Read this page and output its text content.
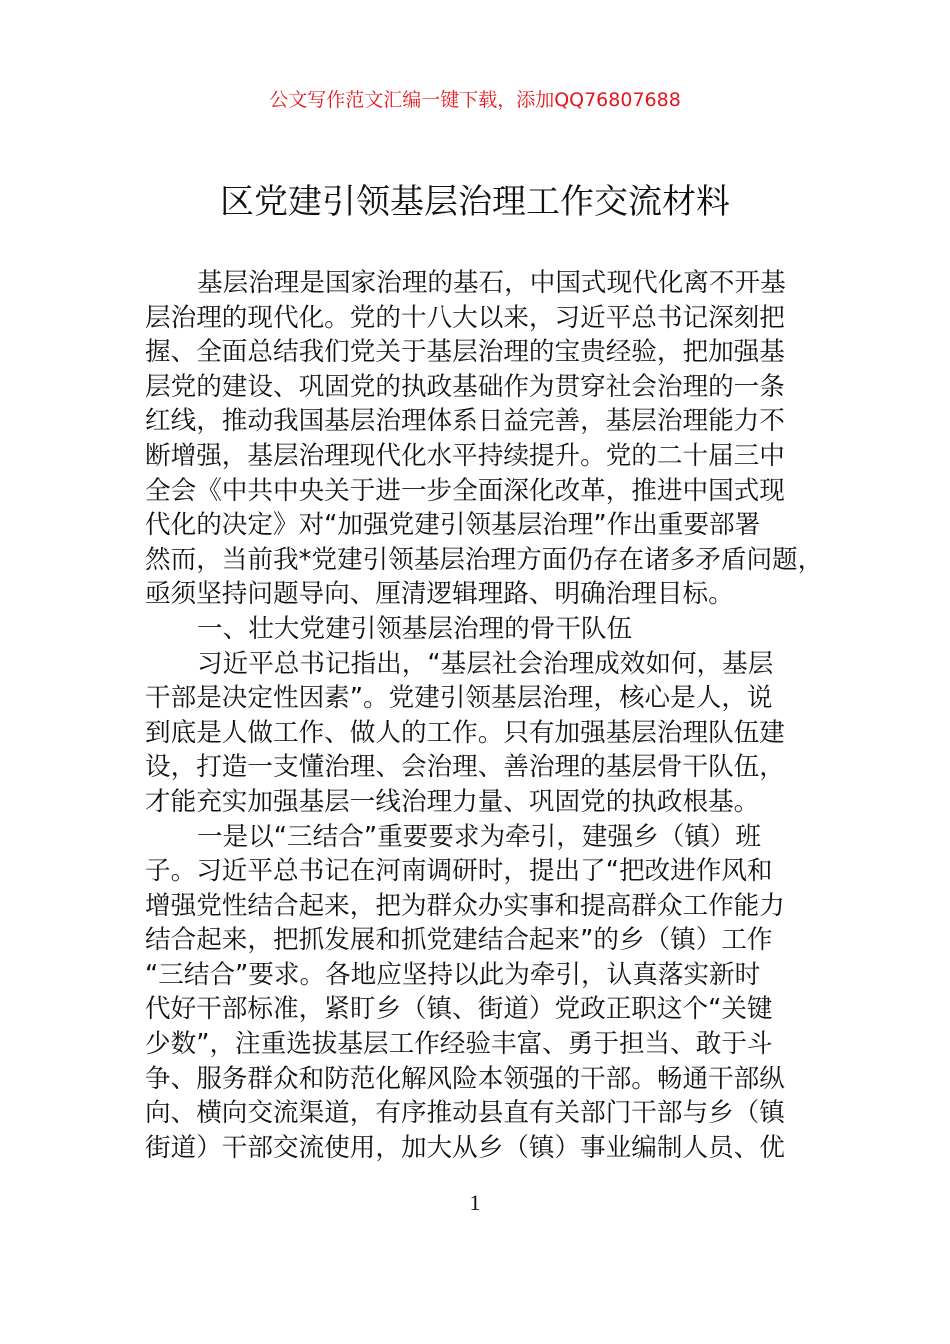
公文写作范文汇编一键下载，添加QQ76807688
区党建引领基层治理工作交流材料
基层治理是国家治理的基石，中国式现代化离不开基
层治理的现代化。党的十八大以来，习近平总书记深刻把
握、全面总结我们党关于基层治理的宝贵经验，把加强基
层党的建设、巩固党的执政基础作为贯穿社会治理的一条
红线，推动我国基层治理体系日益完善，基层治理能力不
断增强，基层治理现代化水平持续提升。党的二十届三中
全会《中共中央关于进一步全面深化改革，推进中国式现
代化的决定》对“加强党建引领基层治理”作出重要部署
然而，当前我*党建引领基层治理方面仍存在诸多矛盾问题，
亟须坚持问题导向、厘清逻辑理路、明确治理目标。
一、壮大党建引领基层治理的骨干队伍
习近平总书记指出，“基层社会治理成效如何，基层
干部是决定性因素”。党建引领基层治理，核心是人，说
到底是人做工作、做人的工作。只有加强基层治理队伍建
设，打造一支懂治理、会治理、善治理的基层骨干队伍，
才能充实加强基层一线治理力量、巩固党的执政根基。
一是以“三结合”重要要求为牵引，建强乡（镇）班
子。习近平总书记在河南调研时，提出了“把改进作风和
增强党性结合起来，把为群众办实事和提高群众工作能力
结合起来，把抓发展和抓党建结合起来”的乡（镇）工作
“三结合”要求。各地应坚持以此为牵引，认真落实新时
代好干部标准，紧盯乡（镇、街道）党政正职这个“关键
少数”，注重选拔基层工作经验丰富、勇于担当、敢于斗
争、服务群众和防范化解风险本领强的干部。畅通干部纵
向、横向交流渠道，有序推动县直有关部门干部与乡（镇
街道）干部交流使用，加大从乡（镇）事业编制人员、优
1
